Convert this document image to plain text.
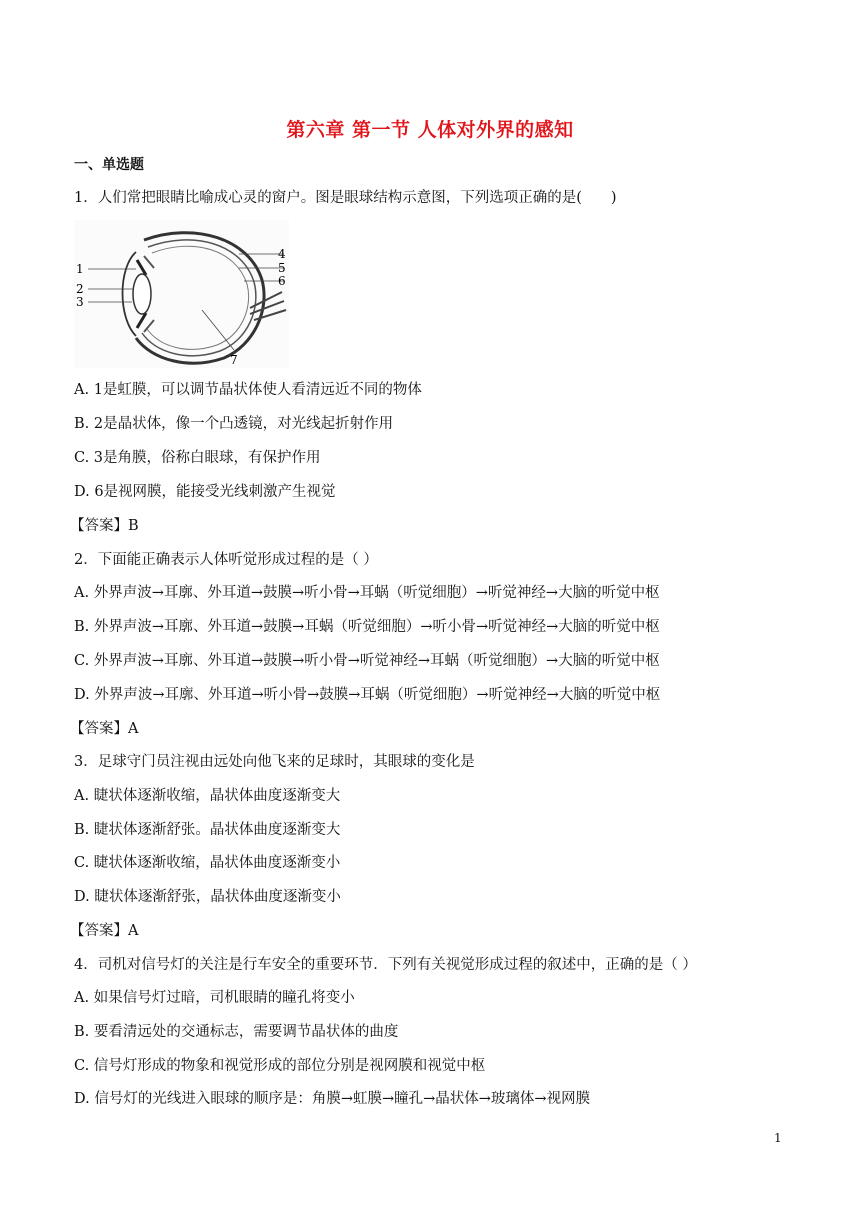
第六章 第一节 人体对外界的感知
一、单选题
1．人们常把眼睛比喻成心灵的窗户。图是眼球结构示意图，下列选项正确的是(　　)
1
2
3
4
5
6
7
A. 1是虹膜，可以调节晶状体使人看清远近不同的物体
B. 2是晶状体，像一个凸透镜，对光线起折射作用
C. 3是角膜，俗称白眼球，有保护作用
D. 6是视网膜，能接受光线刺激产生视觉
【答案】B
2．下面能正确表示人体听觉形成过程的是（ ）
A. 外界声波→耳廓、外耳道→鼓膜→听小骨→耳蜗（听觉细胞）→听觉神经→大脑的听觉中枢
B. 外界声波→耳廓、外耳道→鼓膜→耳蜗（听觉细胞）→听小骨→听觉神经→大脑的听觉中枢
C. 外界声波→耳廓、外耳道→鼓膜→听小骨→听觉神经→耳蜗（听觉细胞）→大脑的听觉中枢
D. 外界声波→耳廓、外耳道→听小骨→鼓膜→耳蜗（听觉细胞）→听觉神经→大脑的听觉中枢
【答案】A
3．足球守门员注视由远处向他飞来的足球时，其眼球的变化是
A. 睫状体逐渐收缩，晶状体曲度逐渐变大
B. 睫状体逐渐舒张。晶状体曲度逐渐变大
C. 睫状体逐渐收缩，晶状体曲度逐渐变小
D. 睫状体逐渐舒张，晶状体曲度逐渐变小
【答案】A
4．司机对信号灯的关注是行车安全的重要环节．下列有关视觉形成过程的叙述中，正确的是（ ）
A. 如果信号灯过暗，司机眼睛的瞳孔将变小
B. 要看清远处的交通标志，需要调节晶状体的曲度
C. 信号灯形成的物象和视觉形成的部位分别是视网膜和视觉中枢
D. 信号灯的光线进入眼球的顺序是：角膜→虹膜→瞳孔→晶状体→玻璃体→视网膜
1
